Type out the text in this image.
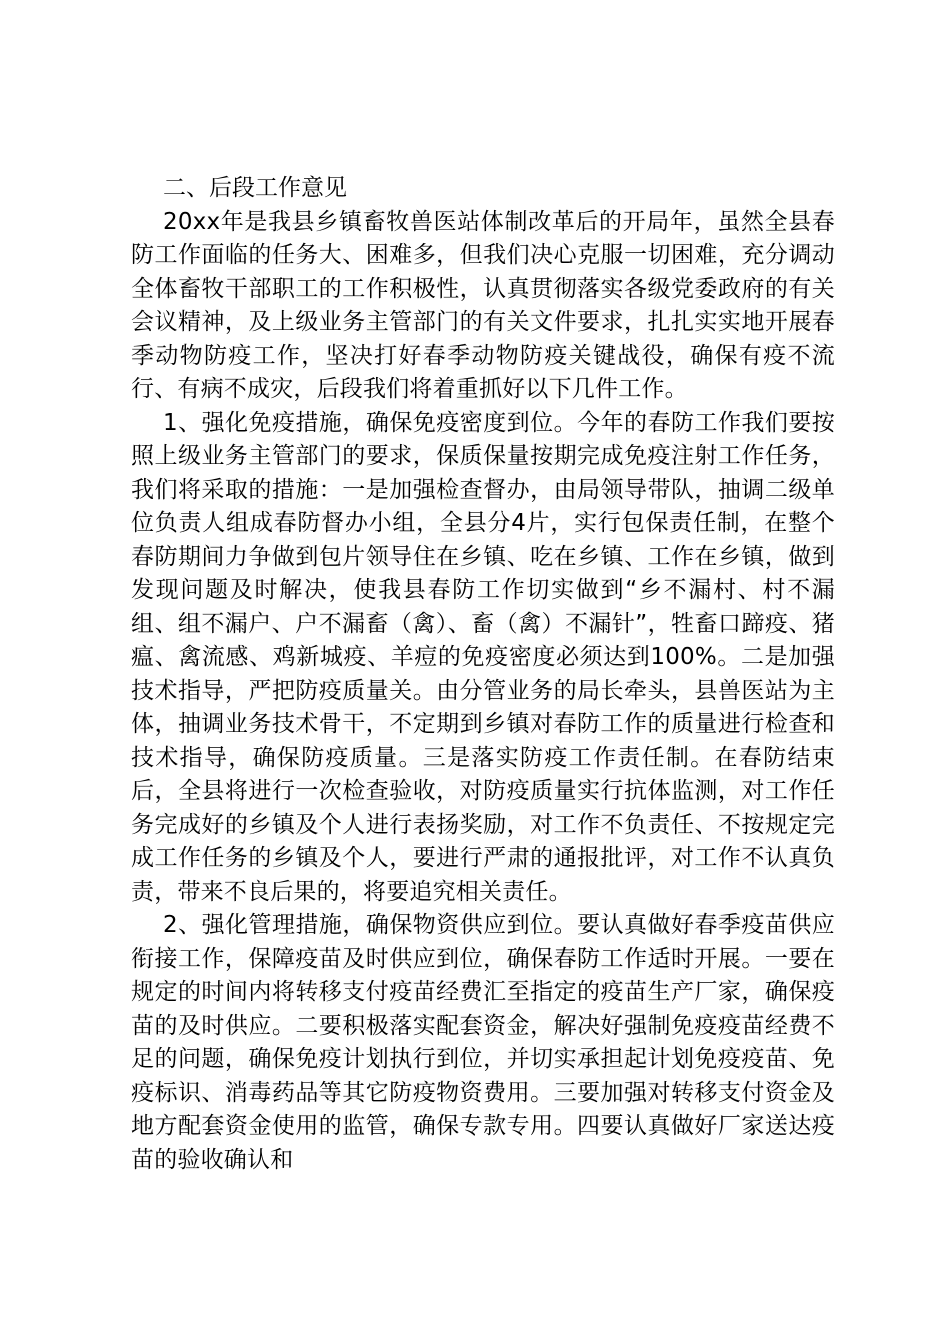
二、后段工作意见

20xx年是我县乡镇畜牧兽医站体制改革后的开局年，虽然全县春防工作面临的任务大、困难多，但我们决心克服一切困难，充分调动全体畜牧干部职工的工作积极性，认真贯彻落实各级党委政府的有关会议精神，及上级业务主管部门的有关文件要求，扎扎实实地开展春季动物防疫工作，坚决打好春季动物防疫关键战役，确保有疫不流行、有病不成灾，后段我们将着重抓好以下几件工作。

1、强化免疫措施，确保免疫密度到位。今年的春防工作我们要按照上级业务主管部门的要求，保质保量按期完成免疫注射工作任务，我们将采取的措施：一是加强检查督办，由局领导带队，抽调二级单位负责人组成春防督办小组，全县分4片，实行包保责任制，在整个春防期间力争做到包片领导住在乡镇、吃在乡镇、工作在乡镇，做到发现问题及时解决，使我县春防工作切实做到“乡不漏村、村不漏组、组不漏户、户不漏畜（禽）、畜（禽）不漏针”，牲畜口蹄疫、猪瘟、禽流感、鸡新城疫、羊痘的免疫密度必须达到100%。二是加强技术指导，严把防疫质量关。由分管业务的局长牵头，县兽医站为主体，抽调业务技术骨干，不定期到乡镇对春防工作的质量进行检查和技术指导，确保防疫质量。三是落实防疫工作责任制。在春防结束后，全县将进行一次检查验收，对防疫质量实行抗体监测，对工作任务完成好的乡镇及个人进行表扬奖励，对工作不负责任、不按规定完成工作任务的乡镇及个人，要进行严肃的通报批评，对工作不认真负责，带来不良后果的，将要追究相关责任。

2、强化管理措施，确保物资供应到位。要认真做好春季疫苗供应衔接工作，保障疫苗及时供应到位，确保春防工作适时开展。一要在规定的时间内将转移支付疫苗经费汇至指定的疫苗生产厂家，确保疫苗的及时供应。二要积极落实配套资金，解决好强制免疫疫苗经费不足的问题，确保免疫计划执行到位，并切实承担起计划免疫疫苗、免疫标识、消毒药品等其它防疫物资费用。三要加强对转移支付资金及地方配套资金使用的监管，确保专款专用。四要认真做好厂家送达疫苗的验收确认和
